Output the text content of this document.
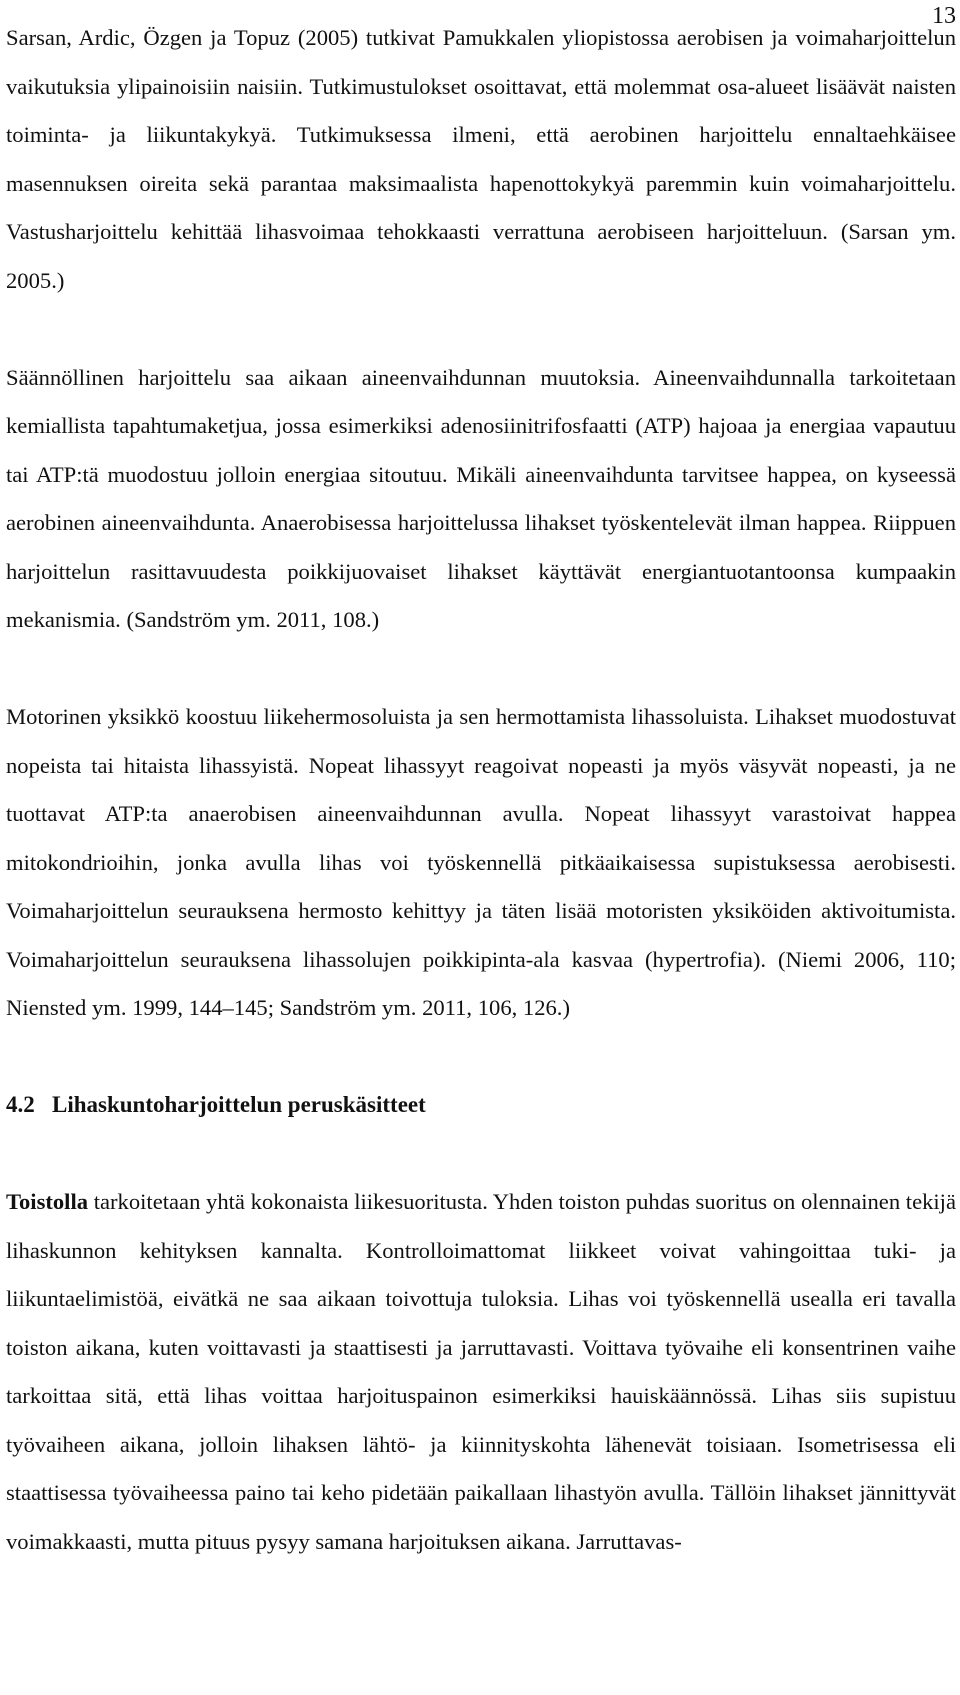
13

Sarsan, Ardic, Özgen ja Topuz (2005) tutkivat Pamukkalen yliopistossa aerobisen ja voimaharjoittelun vaikutuksia ylipainoisiin naisiin. Tutkimustulokset osoittavat, että molemmat osa-alueet lisäävät naisten toiminta- ja liikuntakykyä. Tutkimuksessa ilmeni, että aerobinen harjoittelu ennaltaehkäisee masennuksen oireita sekä parantaa maksimaalista hapenottokykyä paremmin kuin voimaharjoittelu. Vastusharjoittelu kehittää lihasvoimaa tehokkaasti verrattuna aerobiseen harjoitteluun. (Sarsan ym. 2005.)

Säännöllinen harjoittelu saa aikaan aineenvaihdunnan muutoksia. Aineenvaihdunnalla tarkoitetaan kemiallista tapahtumaketjua, jossa esimerkiksi adenosiinitrifosfaatti (ATP) hajoaa ja energiaa vapautuu tai ATP:tä muodostuu jolloin energiaa sitoutuu. Mikäli aineenvaihdunta tarvitsee happea, on kyseessä aerobinen aineenvaihdunta. Anaerobisessa harjoittelussa lihakset työskentelevät ilman happea. Riippuen harjoittelun rasittavuudesta poikkijuovaiset lihakset käyttävät energiantuotantoonsa kumpaakin mekanismia. (Sandström ym. 2011, 108.)

Motorinen yksikkö koostuu liikehermosoluista ja sen hermottamista lihassoluista. Lihakset muodostuvat nopeista tai hitaista lihassyistä. Nopeat lihassyyt reagoivat nopeasti ja myös väsyvät nopeasti, ja ne tuottavat ATP:ta anaerobisen aineenvaihdunnan avulla. Nopeat lihassyyt varastoivat happea mitokondrioihin, jonka avulla lihas voi työskennellä pitkäaikaisessa supistuksessa aerobisesti. Voimaharjoittelun seurauksena hermosto kehittyy ja täten lisää motoristen yksiköiden aktivoitumista. Voimaharjoittelun seurauksena lihassolujen poikkipinta-ala kasvaa (hypertrofia). (Niemi 2006, 110; Niensted ym. 1999, 144–145; Sandström ym. 2011, 106, 126.)

4.2 Lihaskuntoharjoittelun peruskäsitteet

Toistolla tarkoitetaan yhtä kokonaista liikesuoritusta. Yhden toiston puhdas suoritus on olennainen tekijä lihaskunnon kehityksen kannalta. Kontrolloimattomat liikkeet voivat vahingoittaa tuki- ja liikuntaelimistöä, eivätkä ne saa aikaan toivottuja tuloksia. Lihas voi työskennellä usealla eri tavalla toiston aikana, kuten voittavasti ja staattisesti ja jarruttavasti. Voittava työvaihe eli konsentrinen vaihe tarkoittaa sitä, että lihas voittaa harjoituspainon esimerkiksi hauiskäännössä. Lihas siis supistuu työvaiheen aikana, jolloin lihaksen lähtö- ja kiinnityskohta lähenevät toisiaan. Isometrisessa eli staattisessa työvaiheessa paino tai keho pidetään paikallaan lihastyön avulla. Tällöin lihakset jännittyvät voimakkaasti, mutta pituus pysyy samana harjoituksen aikana. Jarruttavas-
